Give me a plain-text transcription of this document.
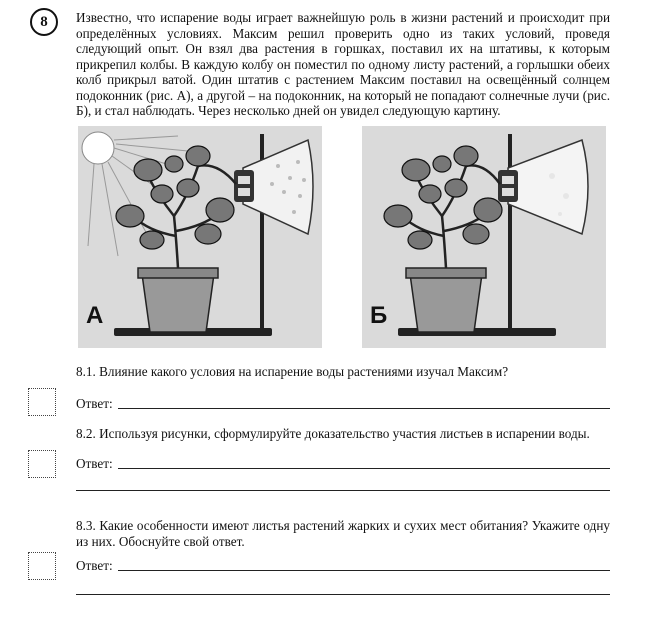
8 Известно, что испарение воды играет важнейшую роль в жизни растений и происходит при определённых условиях. Максим решил проверить одно из таких условий, проведя следующий опыт. Он взял два растения в горшках, поставил их на штативы, к которым прикрепил колбы. В каждую колбу он поместил по одному листу растений, а горлышки обеих колб прикрыл ватой. Один штатив с растением Максим поставил на освещённый солнцем подоконник (рис. А), а другой – на подоконник, на который не попадают солнечные лучи (рис. Б), и стал наблюдать. Через несколько дней он увидел следующую картину.

А	Б

8.1. Влияние какого условия на испарение воды растениями изучал Максим?

Ответ:

8.2. Используя рисунки, сформулируйте доказательство участия листьев в испарении воды.

Ответ:

8.3. Какие особенности имеют листья растений жарких и сухих мест обитания? Укажите одну из них. Обоснуйте свой ответ.

Ответ:
